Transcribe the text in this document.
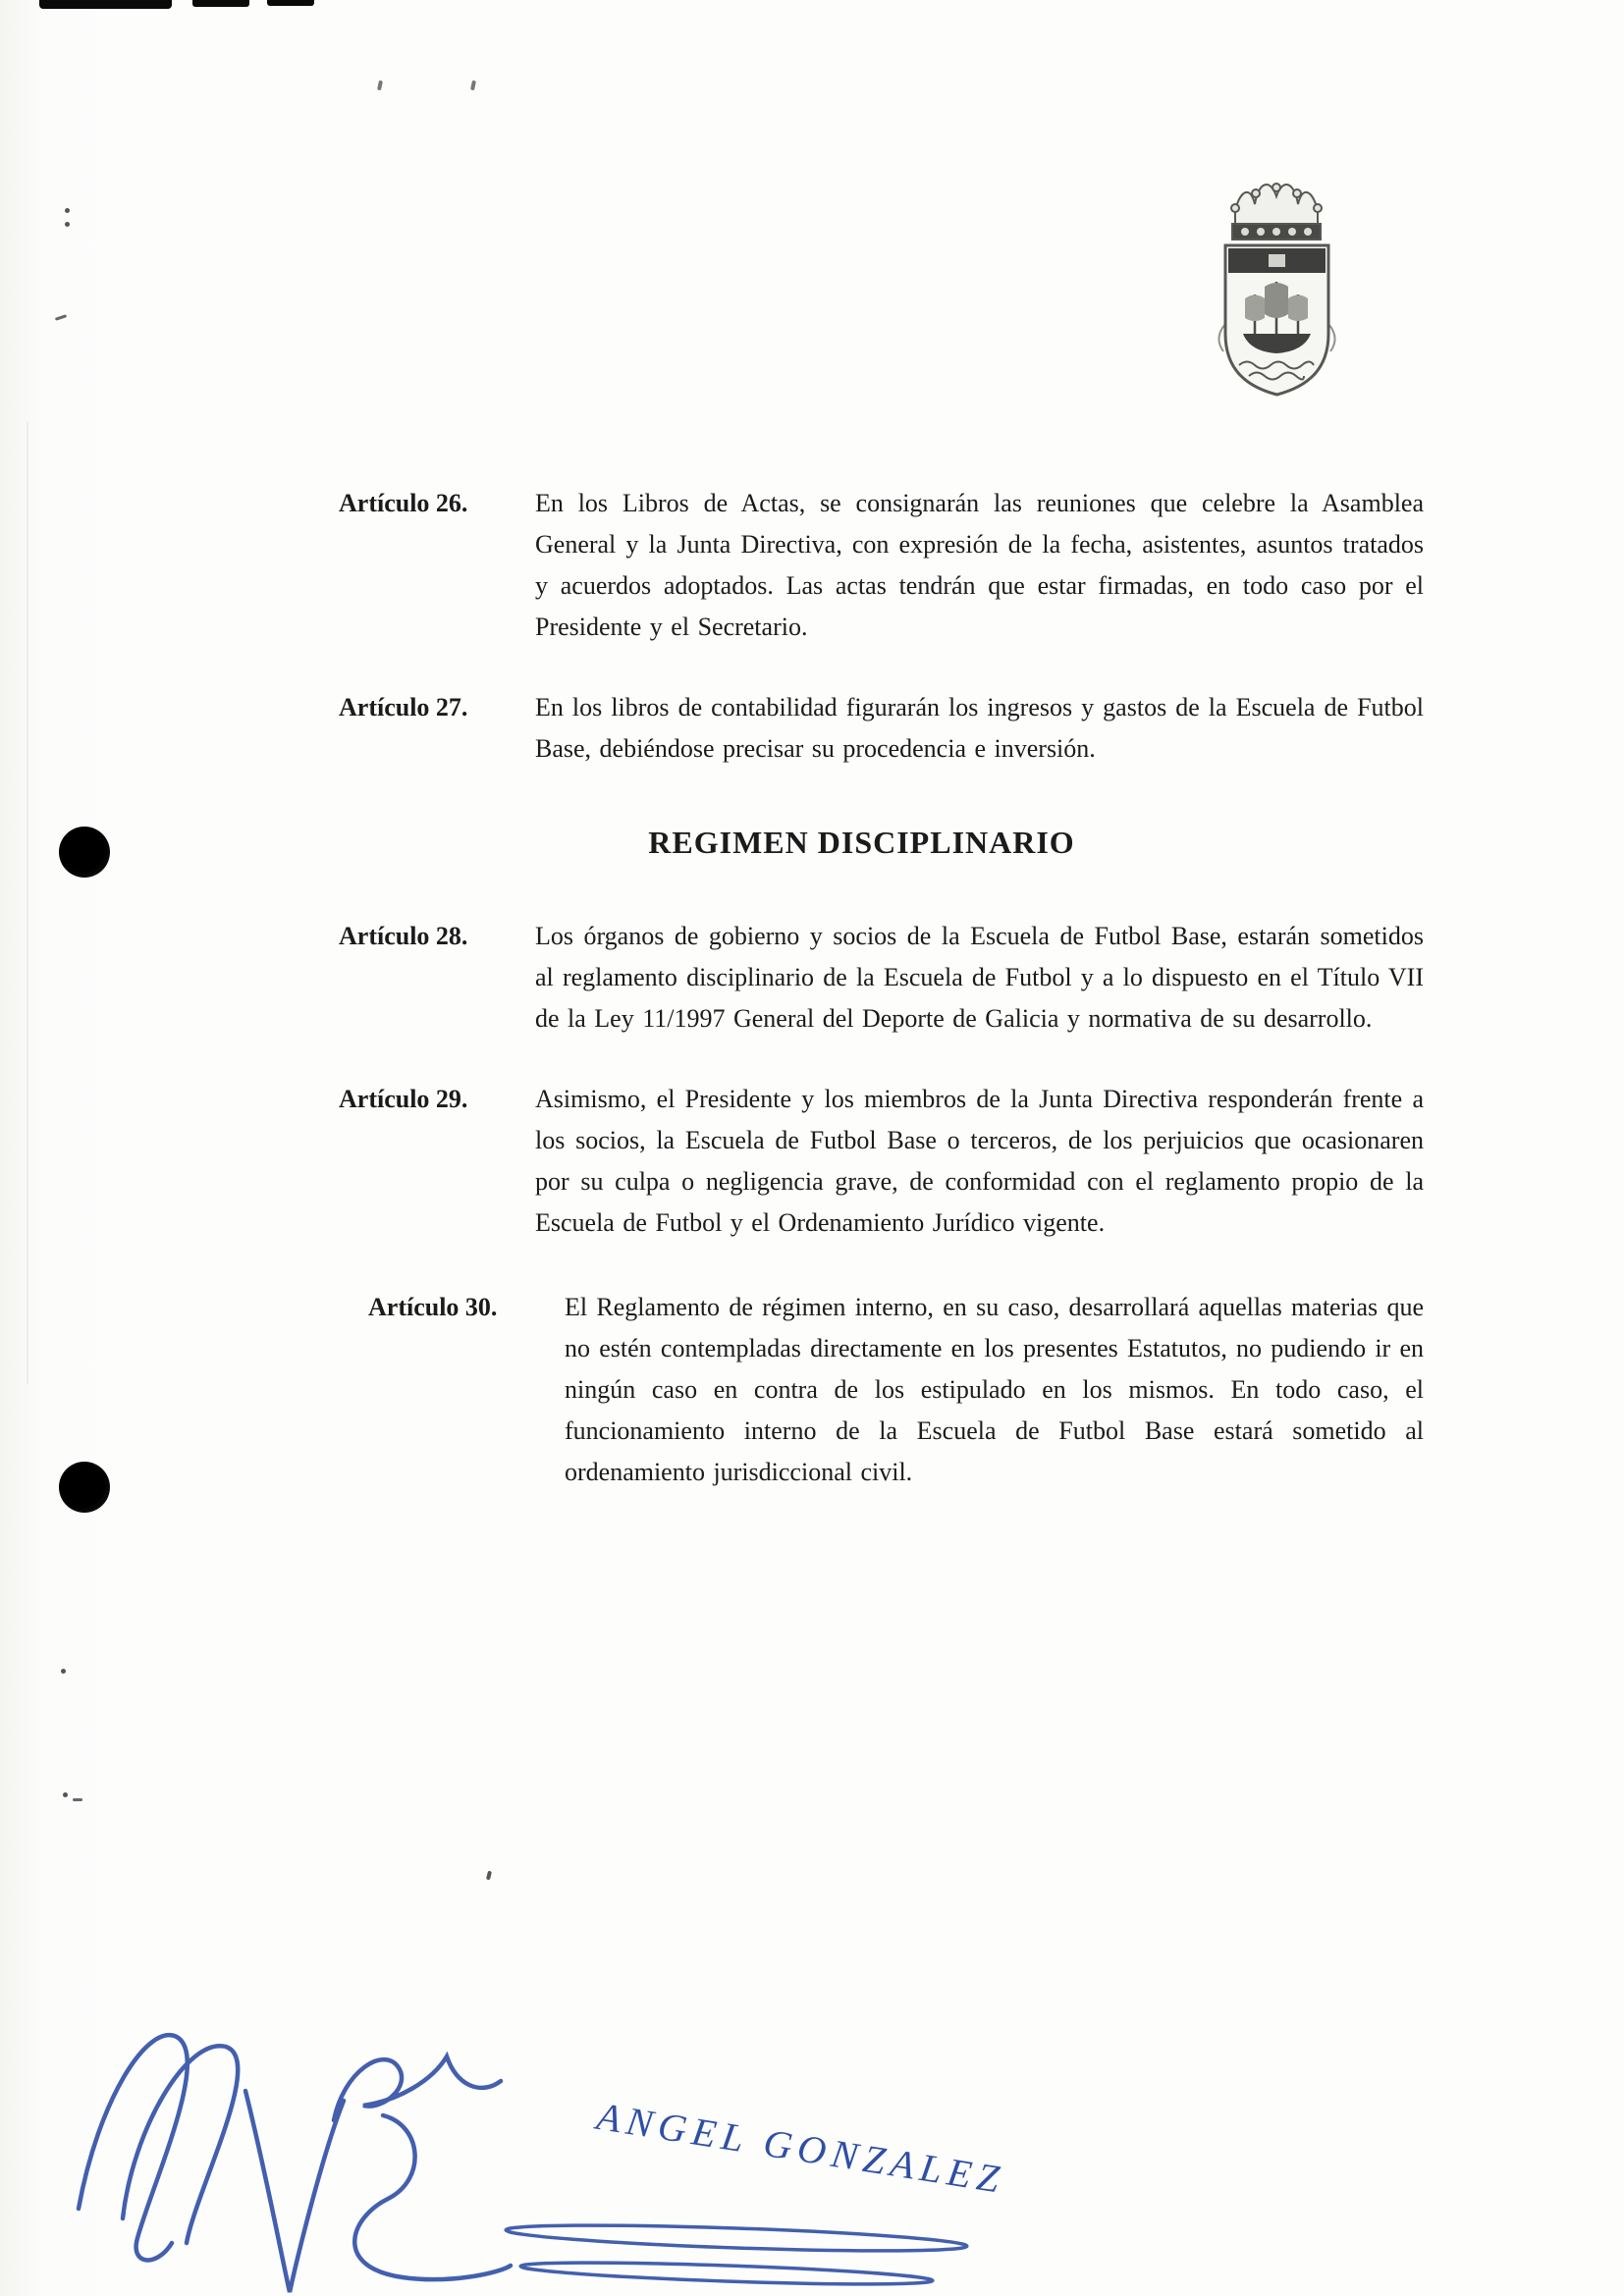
Artículo 26.	En los Libros de Actas, se consignarán las reuniones que celebre la Asamblea General y la Junta Directiva, con expresión de la fecha, asistentes, asuntos tratados y acuerdos adoptados. Las actas tendrán que estar firmadas, en todo caso por el Presidente y el Secretario.
Artículo 27.	En los libros de contabilidad figurarán los ingresos y gastos de la Escuela de Futbol Base, debiéndose precisar su procedencia e inversión.
REGIMEN DISCIPLINARIO
Artículo 28.	Los órganos de gobierno y socios de la Escuela de Futbol Base, estarán sometidos al reglamento disciplinario de la Escuela de Futbol y a lo dispuesto en el Título VII de la Ley 11/1997 General del Deporte de Galicia y normativa de su desarrollo.
Artículo 29.	Asimismo, el Presidente y los miembros de la Junta Directiva responderán frente a los socios, la Escuela de Futbol Base o terceros, de los perjuicios que ocasionaren por su culpa o negligencia grave, de conformidad con el reglamento propio de la Escuela de Futbol y el Ordenamiento Jurídico vigente.
Artículo 30.	El Reglamento de régimen interno, en su caso, desarrollará aquellas materias que no estén contempladas directamente en los presentes Estatutos, no pudiendo ir en ningún caso en contra de los estipulado en los mismos. En todo caso, el funcionamiento interno de la Escuela de Futbol Base estará sometido al ordenamiento jurisdiccional civil.
ANGEL GONZALEZ
